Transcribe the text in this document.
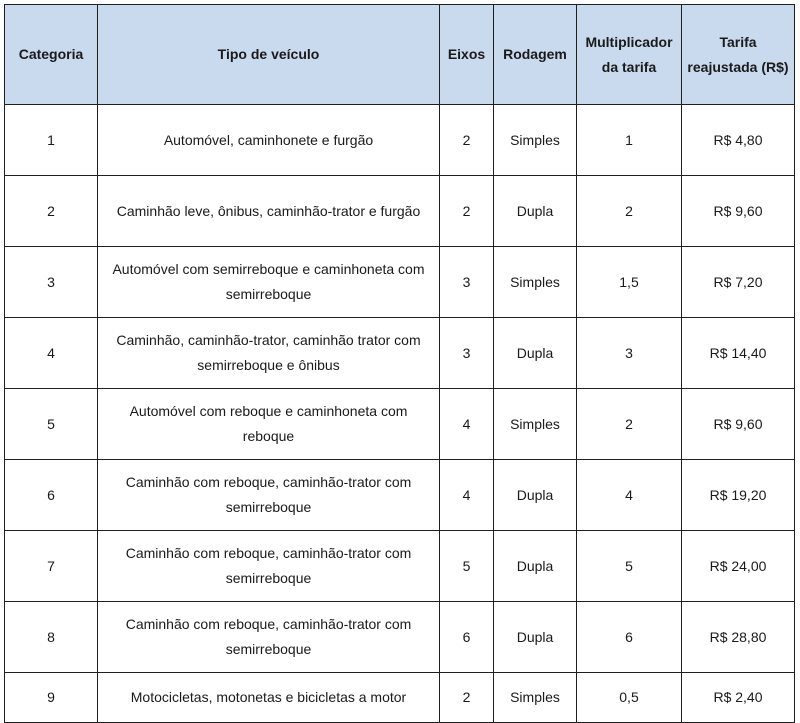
Categoria	Tipo de veículo	Eixos	Rodagem	Multiplicador da tarifa	Tarifa reajustada (R$)
1	Automóvel, caminhonete e furgão	2	Simples	1	R$ 4,80
2	Caminhão leve, ônibus, caminhão-trator e furgão	2	Dupla	2	R$ 9,60
3	Automóvel com semirreboque e caminhoneta com semirreboque	3	Simples	1,5	R$ 7,20
4	Caminhão, caminhão-trator, caminhão trator com semirreboque e ônibus	3	Dupla	3	R$ 14,40
5	Automóvel com reboque e caminhoneta com reboque	4	Simples	2	R$ 9,60
6	Caminhão com reboque, caminhão-trator com semirreboque	4	Dupla	4	R$ 19,20
7	Caminhão com reboque, caminhão-trator com semirreboque	5	Dupla	5	R$ 24,00
8	Caminhão com reboque, caminhão-trator com semirreboque	6	Dupla	6	R$ 28,80
9	Motocicletas, motonetas e bicicletas a motor	2	Simples	0,5	R$ 2,40
